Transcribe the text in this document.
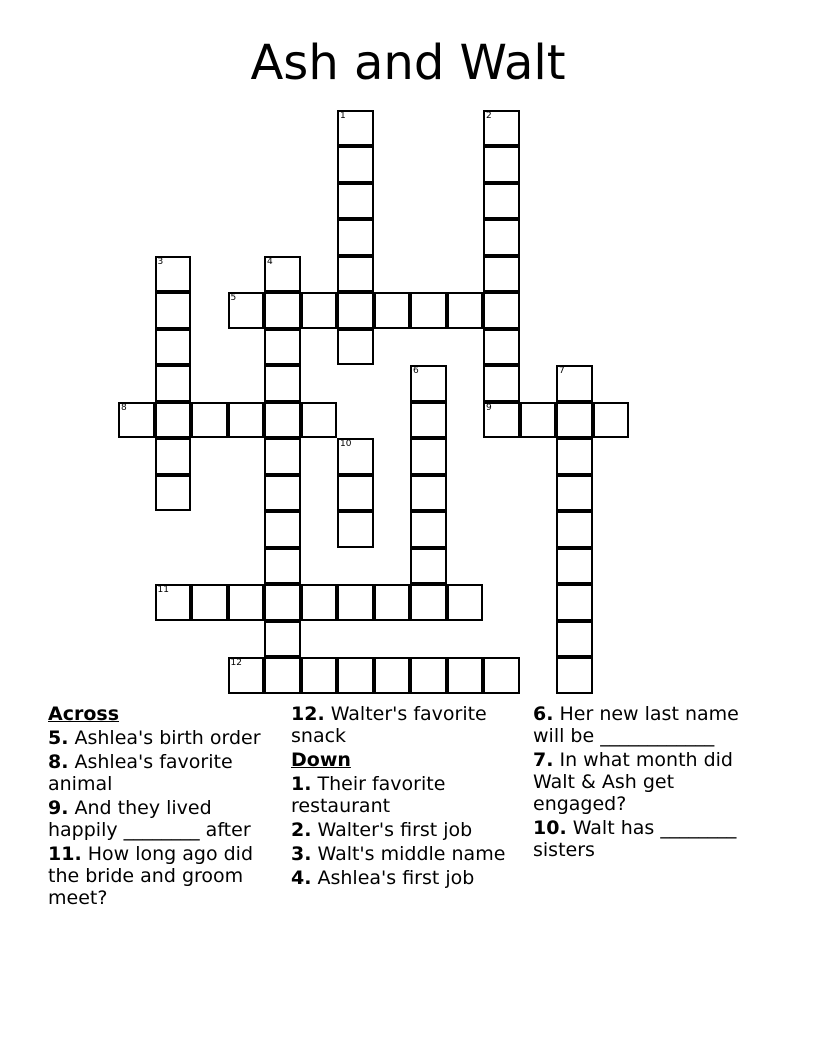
Ash and Walt
1	2
3	4
5
6	7
8	9
10
11
12
Across
5. Ashlea's birth order
8. Ashlea's favorite animal
9. And they lived happily ________ after
11. How long ago did the bride and groom meet?
12. Walter's favorite snack
Down
1. Their favorite restaurant
2. Walter's first job
3. Walt's middle name
4. Ashlea's first job
6. Her new last name will be ____________
7. In what month did Walt & Ash get engaged?
10. Walt has ________ sisters
